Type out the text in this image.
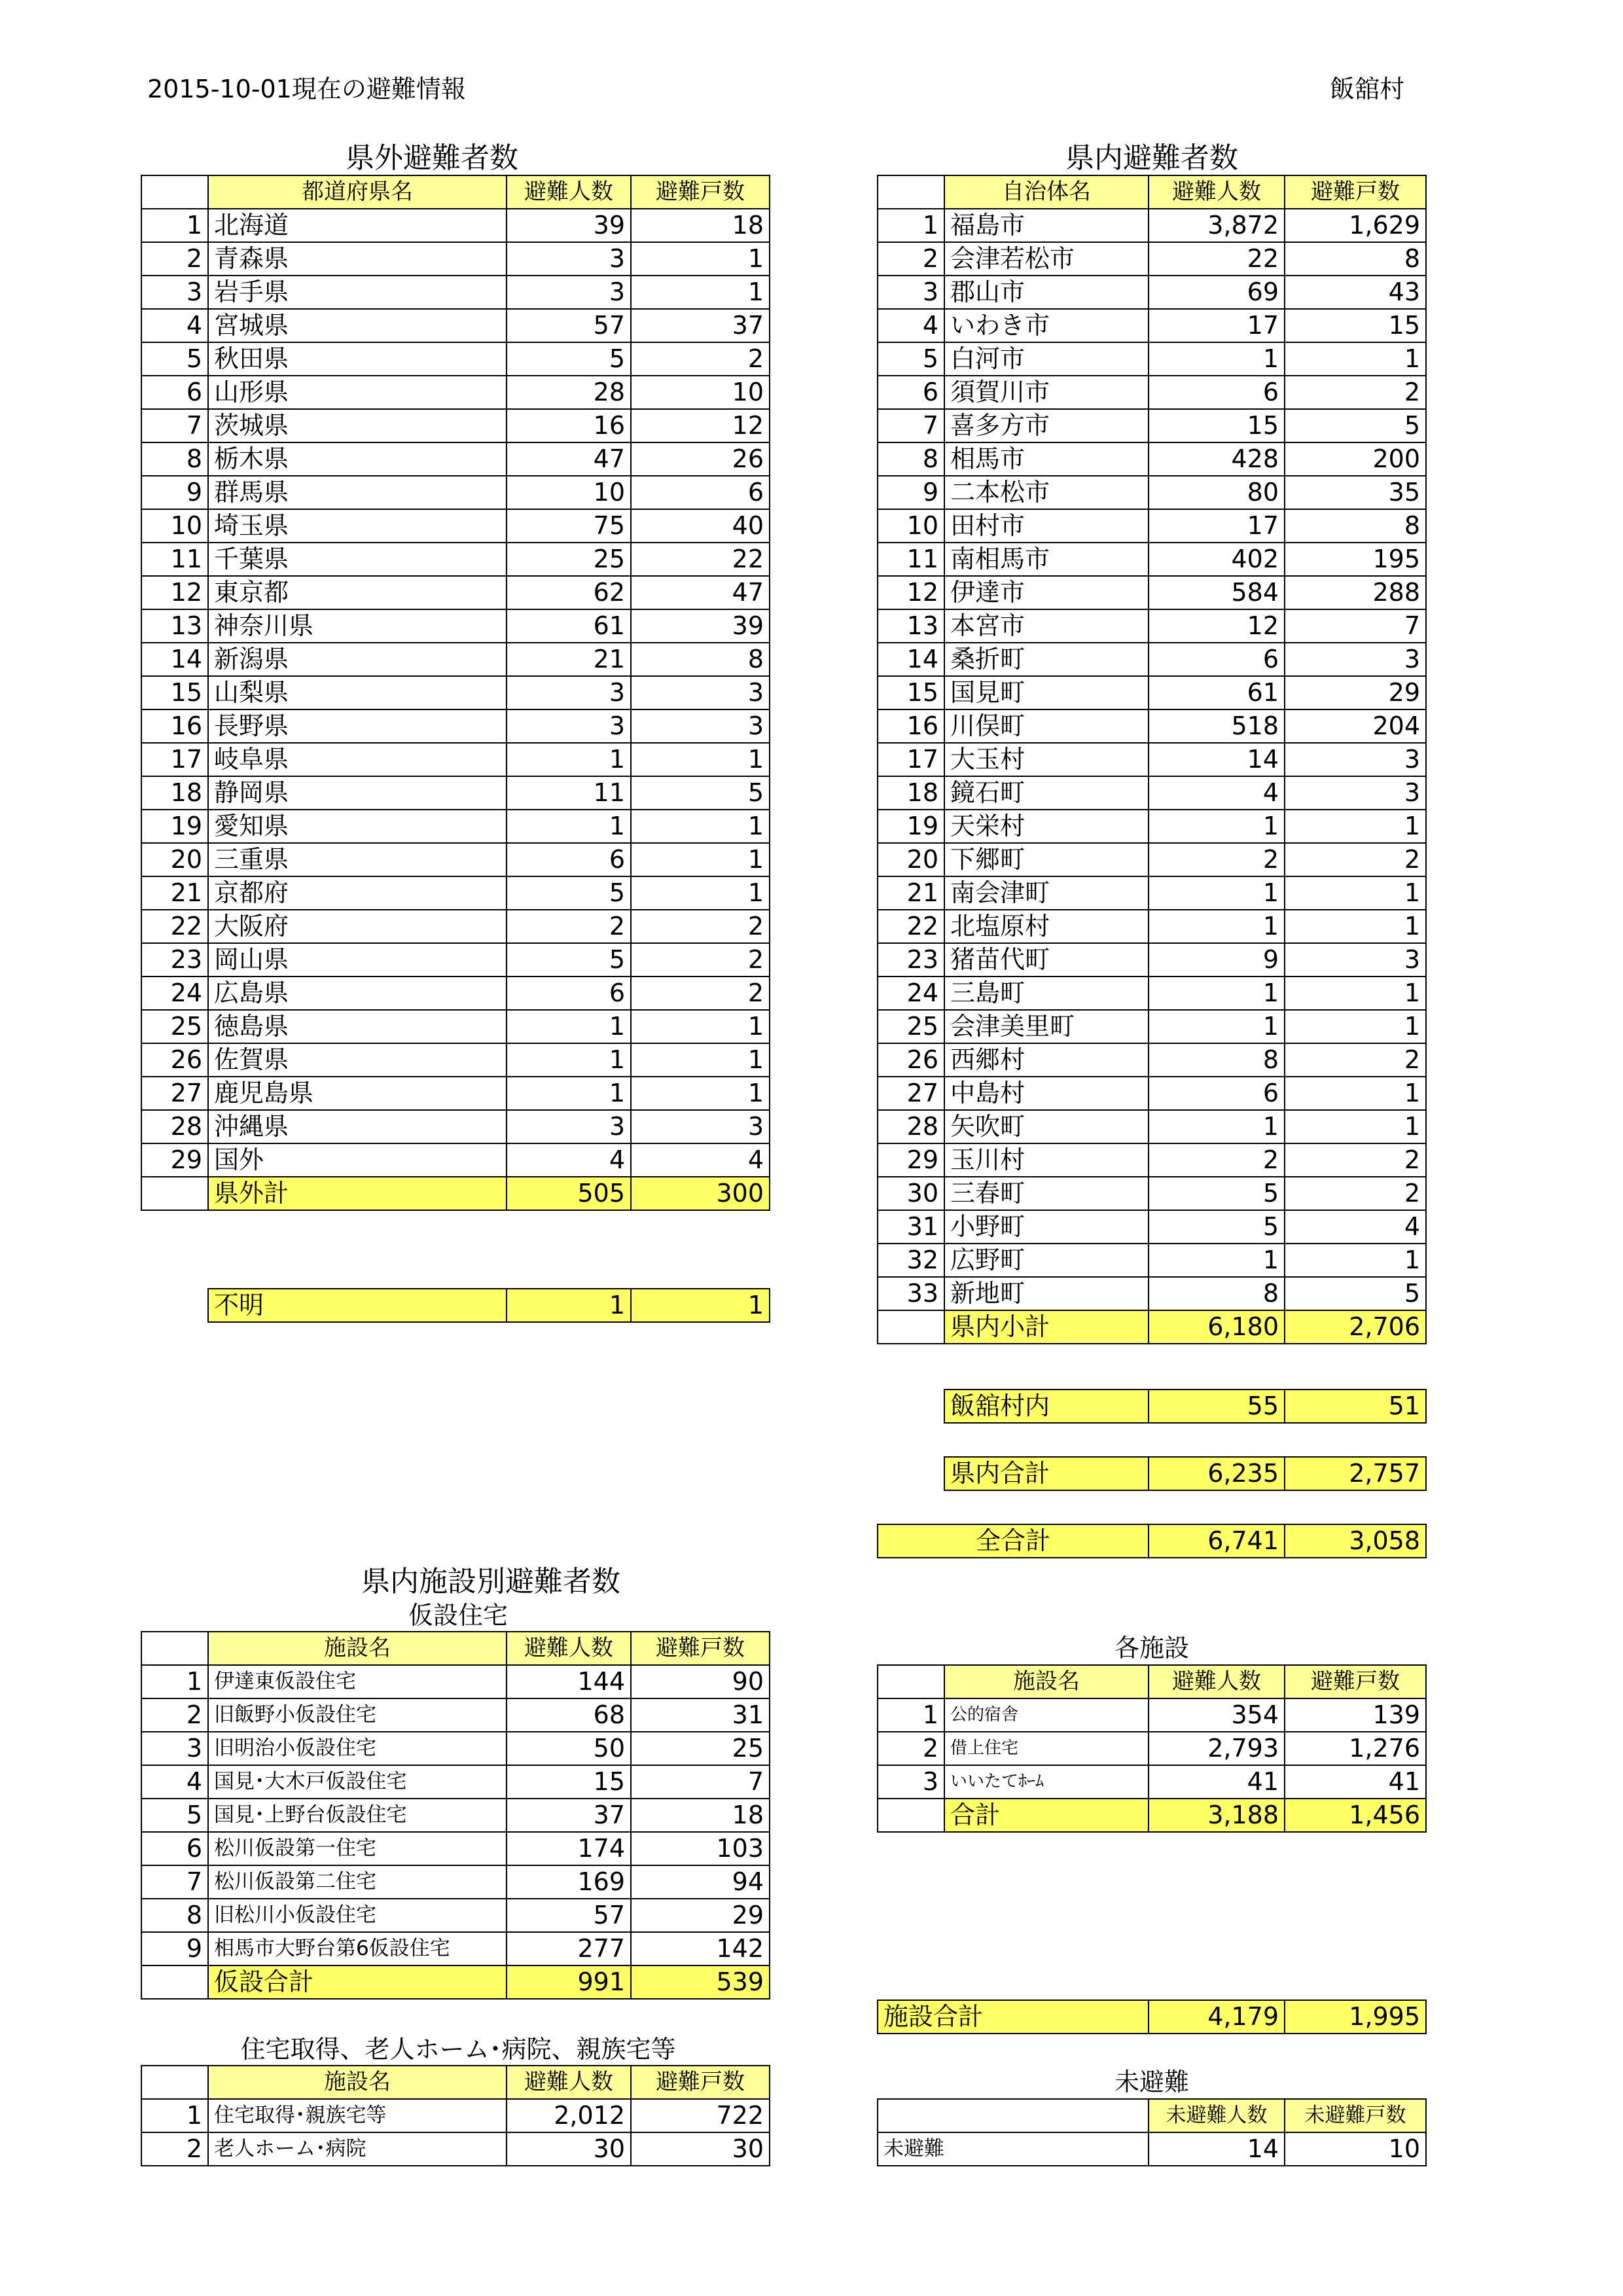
2015-10-01現在の避難情報	飯舘村
県外避難者数	県内避難者数
	都道府県名	避難人数	避難戸数
1	北海道	39	18
2	青森県	3	1
3	岩手県	3	1
4	宮城県	57	37
5	秋田県	5	2
6	山形県	28	10
7	茨城県	16	12
8	栃木県	47	26
9	群馬県	10	6
10	埼玉県	75	40
11	千葉県	25	22
12	東京都	62	47
13	神奈川県	61	39
14	新潟県	21	8
15	山梨県	3	3
16	長野県	3	3
17	岐阜県	1	1
18	静岡県	11	5
19	愛知県	1	1
20	三重県	6	1
21	京都府	5	1
22	大阪府	2	2
23	岡山県	5	2
24	広島県	6	2
25	徳島県	1	1
26	佐賀県	1	1
27	鹿児島県	1	1
28	沖縄県	3	3
29	国外	4	4
	県外計	505	300
不明	1	1
	自治体名	避難人数	避難戸数
1	福島市	3,872	1,629
2	会津若松市	22	8
3	郡山市	69	43
4	いわき市	17	15
5	白河市	1	1
6	須賀川市	6	2
7	喜多方市	15	5
8	相馬市	428	200
9	二本松市	80	35
10	田村市	17	8
11	南相馬市	402	195
12	伊達市	584	288
13	本宮市	12	7
14	桑折町	6	3
15	国見町	61	29
16	川俣町	518	204
17	大玉村	14	3
18	鏡石町	4	3
19	天栄村	1	1
20	下郷町	2	2
21	南会津町	1	1
22	北塩原村	1	1
23	猪苗代町	9	3
24	三島町	1	1
25	会津美里町	1	1
26	西郷村	8	2
27	中島村	6	1
28	矢吹町	1	1
29	玉川村	2	2
30	三春町	5	2
31	小野町	5	4
32	広野町	1	1
33	新地町	8	5
	県内小計	6,180	2,706
飯舘村内	55	51
県内合計	6,235	2,757
全合計	6,741	3,058
県内施設別避難者数
仮設住宅
	施設名	避難人数	避難戸数
1	伊達東仮設住宅	144	90
2	旧飯野小仮設住宅	68	31
3	旧明治小仮設住宅	50	25
4	国見･大木戸仮設住宅	15	7
5	国見･上野台仮設住宅	37	18
6	松川仮設第一住宅	174	103
7	松川仮設第二住宅	169	94
8	旧松川小仮設住宅	57	29
9	相馬市大野台第6仮設住宅	277	142
	仮設合計	991	539
各施設
	施設名	避難人数	避難戸数
1	公的宿舎	354	139
2	借上住宅	2,793	1,276
3	いいたてﾎｰﾑ	41	41
	合計	3,188	1,456
施設合計	4,179	1,995
住宅取得、老人ホーム･病院、親族宅等
	施設名	避難人数	避難戸数
1	住宅取得･親族宅等	2,012	722
2	老人ホーム･病院	30	30
未避難
	未避難人数	未避難戸数
未避難	14	10
